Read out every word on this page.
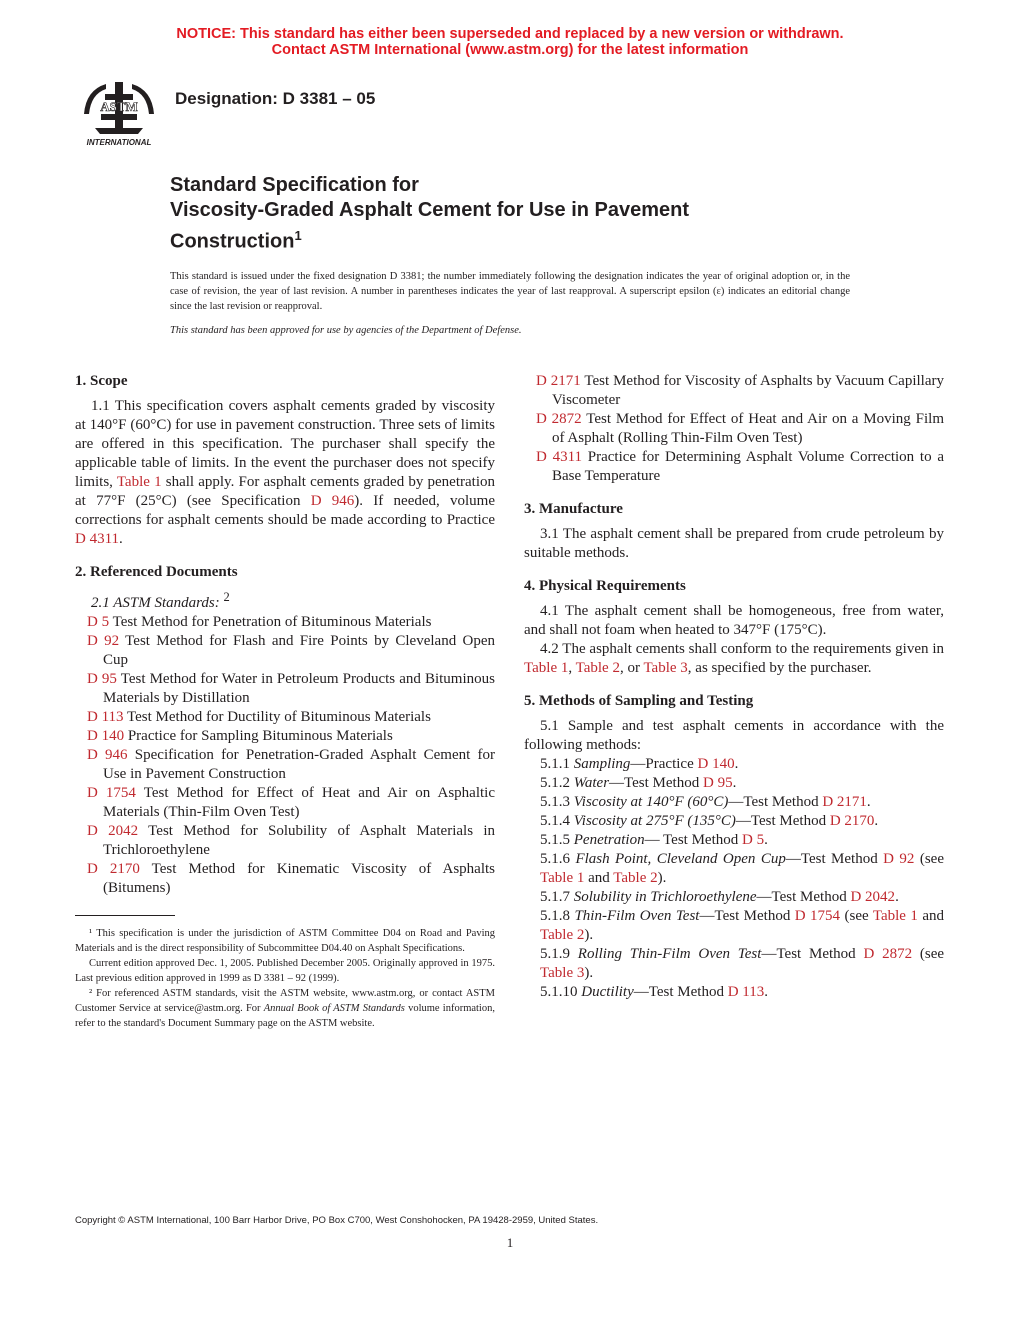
NOTICE: This standard has either been superseded and replaced by a new version or withdrawn.
Contact ASTM International (www.astm.org) for the latest information
ASTM
INTERNATIONAL
Designation: D 3381 – 05
Standard Specification for
Viscosity-Graded Asphalt Cement for Use in Pavement
Construction$^1$
This standard is issued under the fixed designation D 3381; the number immediately following the designation indicates the year of original adoption or, in the case of revision, the year of last revision. A number in parentheses indicates the year of last reapproval. A superscript epsilon (ε) indicates an editorial change since the last revision or reapproval.
This standard has been approved for use by agencies of the Department of Defense.

1. Scope

1.1 This specification covers asphalt cements graded by viscosity at 140°F (60°C) for use in pavement construction. Three sets of limits are offered in this specification. The purchaser shall specify the applicable table of limits. In the event the purchaser does not specify limits, Table 1 shall apply. For asphalt cements graded by penetration at 77°F (25°C) (see Specification D 946). If needed, volume corrections for asphalt cements should be made according to Practice D 4311.

2. Referenced Documents

2.1 ASTM Standards: $^2$

D 5 Test Method for Penetration of Bituminous Materials

D 92 Test Method for Flash and Fire Points by Cleveland Open Cup

D 95 Test Method for Water in Petroleum Products and Bituminous Materials by Distillation

D 113 Test Method for Ductility of Bituminous Materials

D 140 Practice for Sampling Bituminous Materials

D 946 Specification for Penetration-Graded Asphalt Cement for Use in Pavement Construction

D 1754 Test Method for Effect of Heat and Air on Asphaltic Materials (Thin-Film Oven Test)

D 2042 Test Method for Solubility of Asphalt Materials in Trichloroethylene

D 2170 Test Method for Kinematic Viscosity of Asphalts (Bitumens)

D 2171 Test Method for Viscosity of Asphalts by Vacuum Capillary Viscometer

D 2872 Test Method for Effect of Heat and Air on a Moving Film of Asphalt (Rolling Thin-Film Oven Test)

D 4311 Practice for Determining Asphalt Volume Correction to a Base Temperature

3. Manufacture

3.1 The asphalt cement shall be prepared from crude petroleum by suitable methods.

4. Physical Requirements

4.1 The asphalt cement shall be homogeneous, free from water, and shall not foam when heated to 347°F (175°C).

4.2 The asphalt cements shall conform to the requirements given in Table 1, Table 2, or Table 3, as specified by the purchaser.

5. Methods of Sampling and Testing

5.1 Sample and test asphalt cements in accordance with the following methods:

5.1.1 Sampling—Practice D 140.

5.1.2 Water—Test Method D 95.

5.1.3 Viscosity at 140°F (60°C)—Test Method D 2171.

5.1.4 Viscosity at 275°F (135°C)—Test Method D 2170.

5.1.5 Penetration— Test Method D 5.

5.1.6 Flash Point, Cleveland Open Cup—Test Method D 92 (see Table 1 and Table 2).

5.1.7 Solubility in Trichloroethylene—Test Method D 2042.

5.1.8 Thin-Film Oven Test—Test Method D 1754 (see Table 1 and Table 2).

5.1.9 Rolling Thin-Film Oven Test—Test Method D 2872 (see Table 3).

5.1.10 Ductility—Test Method D 113.

¹ This specification is under the jurisdiction of ASTM Committee D04 on Road and Paving Materials and is the direct responsibility of Subcommittee D04.40 on Asphalt Specifications.

Current edition approved Dec. 1, 2005. Published December 2005. Originally approved in 1975. Last previous edition approved in 1999 as D 3381 – 92 (1999).

² For referenced ASTM standards, visit the ASTM website, www.astm.org, or contact ASTM Customer Service at service@astm.org. For Annual Book of ASTM Standards volume information, refer to the standard's Document Summary page on the ASTM website.

Copyright © ASTM International, 100 Barr Harbor Drive, PO Box C700, West Conshohocken, PA 19428-2959, United States.
1
